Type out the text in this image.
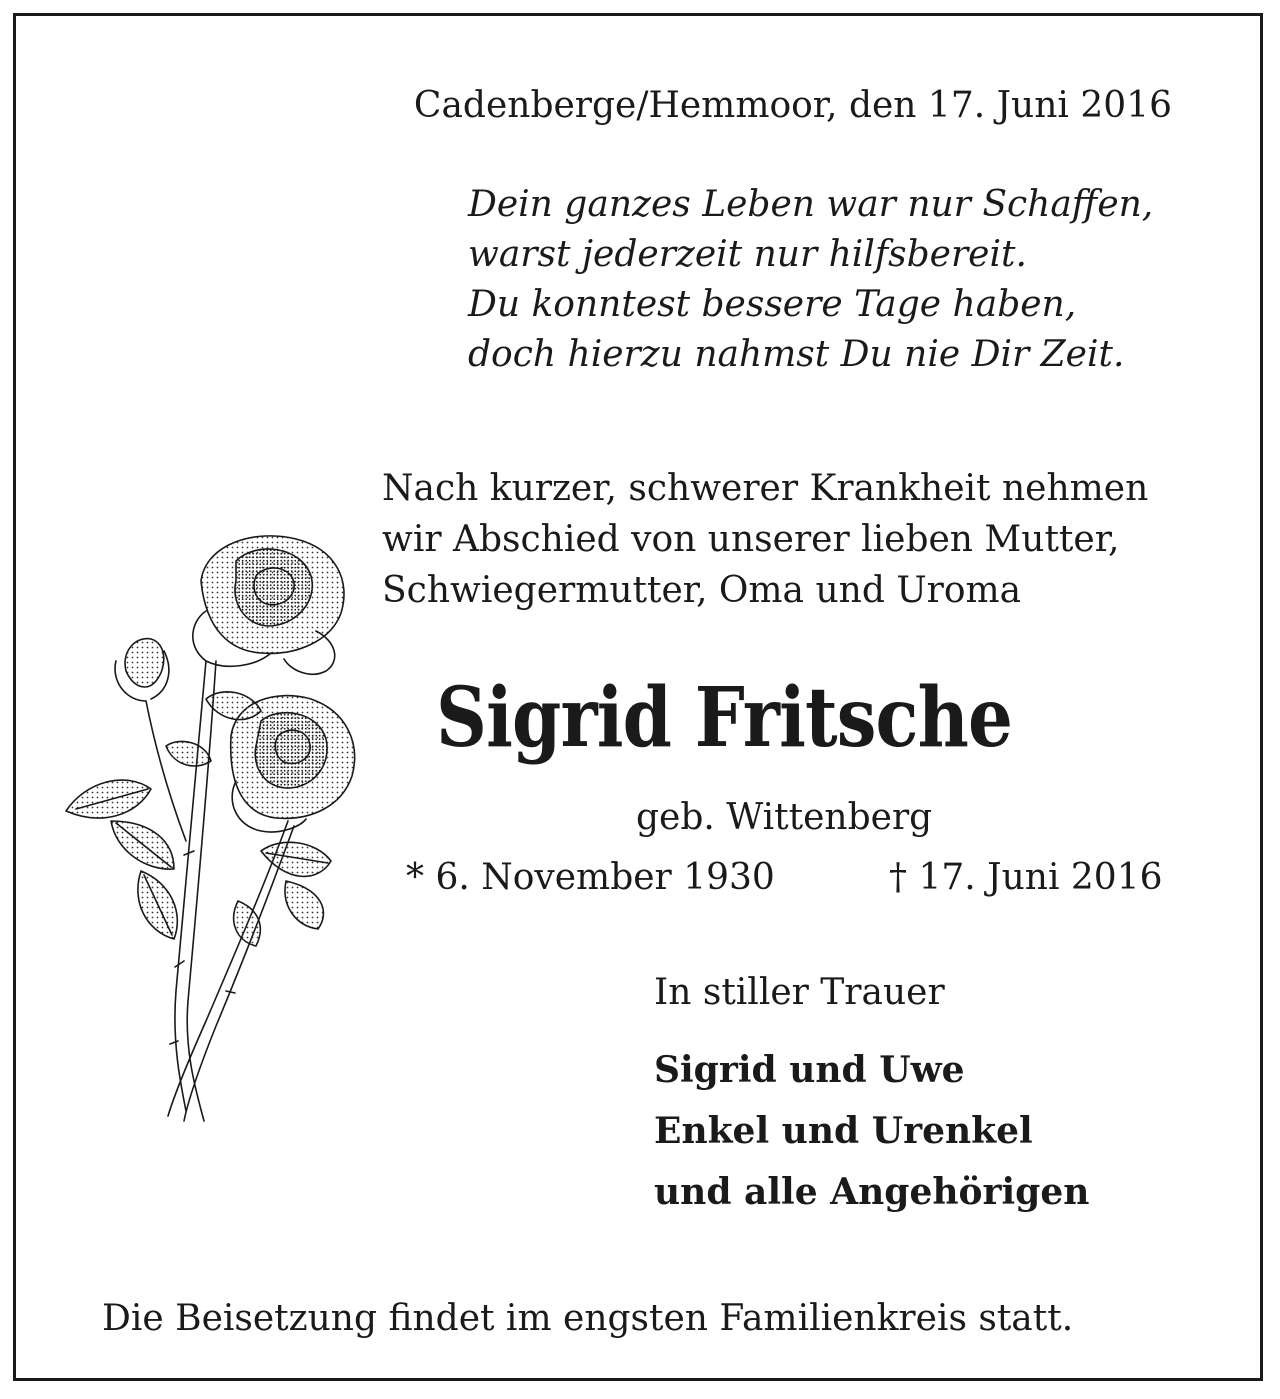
Cadenberge/Hemmoor, den 17. Juni 2016

Dein ganzes Leben war nur Schaffen,
warst jederzeit nur hilfsbereit.
Du konntest bessere Tage haben,
doch hierzu nahmst Du nie Dir Zeit.
Nach kurzer, schwerer Krankheit nehmen
wir Abschied von unserer lieben Mutter,
Schwiegermutter, Oma und Uroma
Sigrid Fritsche

geb. Wittenberg

* 6. November 1930	† 17. Juni 2016

In stiller Trauer

Sigrid und Uwe
Enkel und Urenkel
und alle Angehörigen

Die Beisetzung findet im engsten Familienkreis statt.
